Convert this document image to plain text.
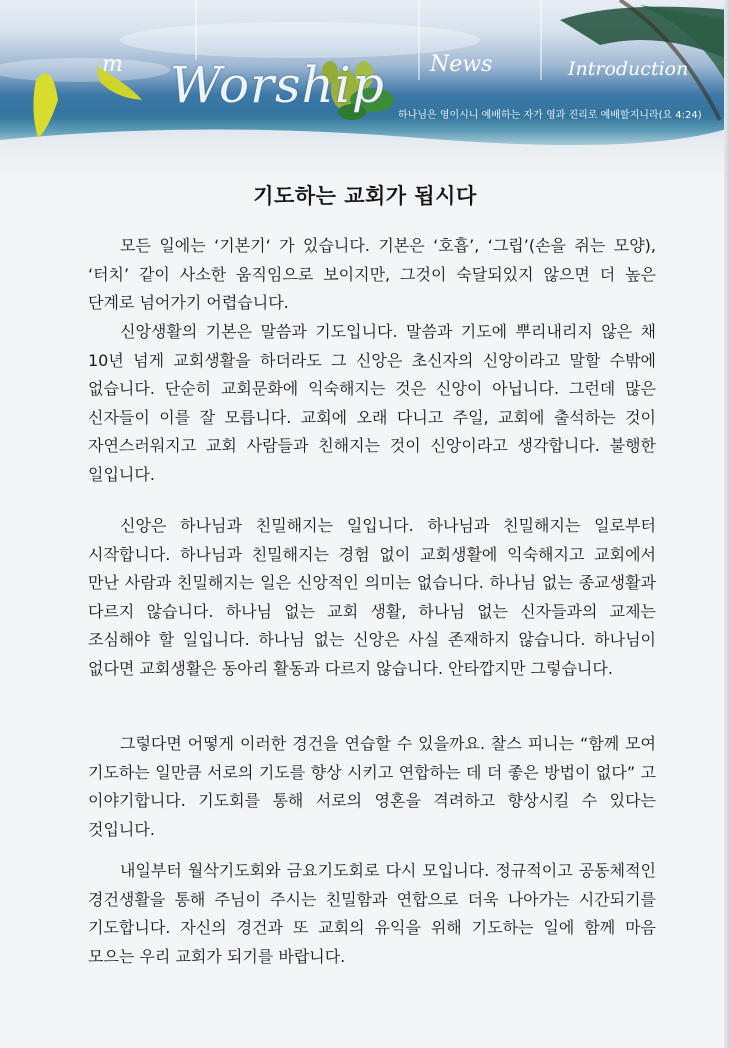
m Worship News	Introduction
하나님은 영이시니 예배하는 자가 영과 진리로 예배할지니라(요 4:24)
기도하는 교회가 됩시다

모든 일에는 ‘기본기‘ 가 있습니다. 기본은 ‘호흡’, ‘그립’(손을 쥐는 모양), ‘터치’ 같이 사소한 움직임으로 보이지만, 그것이 숙달되있지 않으면 더 높은 단계로 넘어가기 어렵습니다.

신앙생활의 기본은 말씀과 기도입니다. 말씀과 기도에 뿌리내리지 않은 채 10년 넘게 교회생활을 하더라도 그 신앙은 초신자의 신앙이라고 말할 수밖에 없습니다. 단순히 교회문화에 익숙해지는 것은 신앙이 아닙니다. 그런데 많은 신자들이 이를 잘 모릅니다. 교회에 오래 다니고 주일, 교회에 출석하는 것이 자연스러워지고 교회 사람들과 친해지는 것이 신앙이라고 생각합니다. 불행한 일입니다.

신앙은 하나님과 친밀해지는 일입니다. 하나님과 친밀해지는 일로부터 시작합니다. 하나님과 친밀해지는 경험 없이 교회생활에 익숙해지고 교회에서 만난 사람과 친밀해지는 일은 신앙적인 의미는 없습니다. 하나님 없는 종교생활과 다르지 않습니다. 하나님 없는 교회 생활, 하나님 없는 신자들과의 교제는 조심해야 할 일입니다. 하나님 없는 신앙은 사실 존재하지 않습니다. 하나님이 없다면 교회생활은 동아리 활동과 다르지 않습니다. 안타깝지만 그렇습니다.

그렇다면 어떻게 이러한 경건을 연습할 수 있을까요. 찰스 피니는 “함께 모여 기도하는 일만큼 서로의 기도를 향상 시키고 연합하는 데 더 좋은 방법이 없다” 고 이야기합니다. 기도회를 통해 서로의 영혼을 격려하고 향상시킬 수 있다는 것입니다.

내일부터 월삭기도회와 금요기도회로 다시 모입니다. 정규적이고 공동체적인 경건생활을 통해 주님이 주시는 친밀함과 연합으로 더욱 나아가는 시간되기를 기도합니다. 자신의 경건과 또 교회의 유익을 위해 기도하는 일에 함께 마음 모으는 우리 교회가 되기를 바랍니다.
